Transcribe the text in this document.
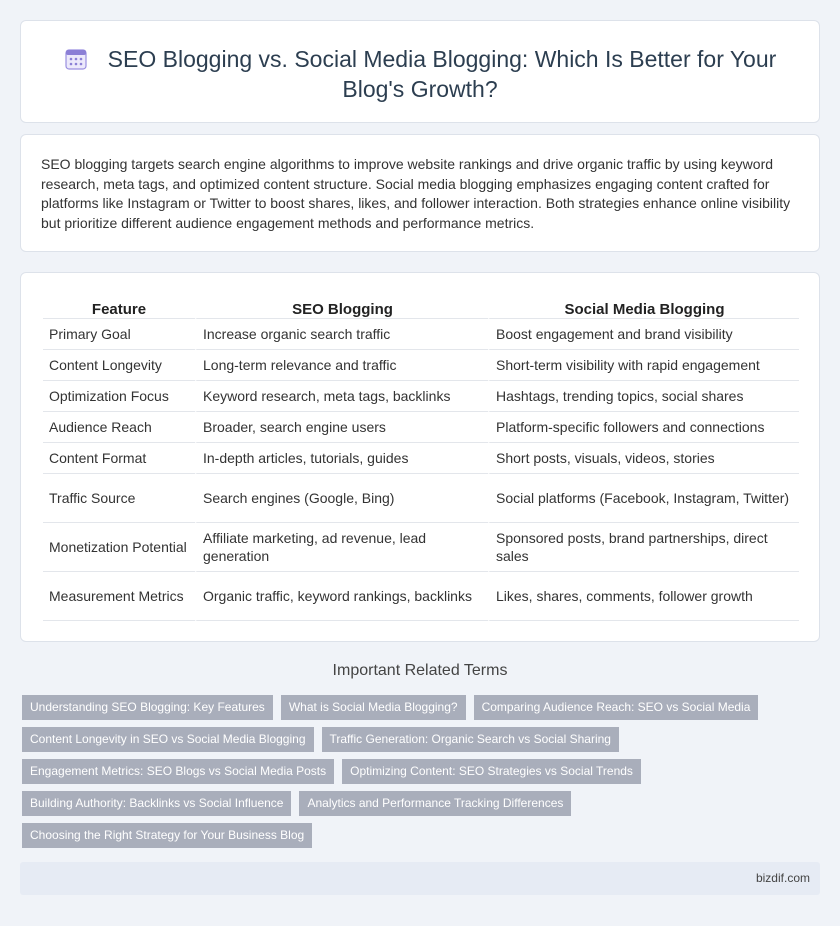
SEO Blogging vs. Social Media Blogging: Which Is Better for Your Blog's Growth?

SEO blogging targets search engine algorithms to improve website rankings and drive organic traffic by using keyword research, meta tags, and optimized content structure. Social media blogging emphasizes engaging content crafted for platforms like Instagram or Twitter to boost shares, likes, and follower interaction. Both strategies enhance online visibility but prioritize different audience engagement methods and performance metrics.

Feature	SEO Blogging	Social Media Blogging
Primary Goal	Increase organic search traffic	Boost engagement and brand visibility
Content Longevity	Long-term relevance and traffic	Short-term visibility with rapid engagement
Optimization Focus	Keyword research, meta tags, backlinks	Hashtags, trending topics, social shares
Audience Reach	Broader, search engine users	Platform-specific followers and connections
Content Format	In-depth articles, tutorials, guides	Short posts, visuals, videos, stories
Traffic Source	Search engines (Google, Bing)	Social platforms (Facebook, Instagram, Twitter)
Monetization Potential	Affiliate marketing, ad revenue, lead generation	Sponsored posts, brand partnerships, direct sales
Measurement Metrics	Organic traffic, keyword rankings, backlinks	Likes, shares, comments, follower growth
Important Related Terms
Understanding SEO Blogging: Key Features	What is Social Media Blogging?	Comparing Audience Reach: SEO vs Social Media
Content Longevity in SEO vs Social Media Blogging	Traffic Generation: Organic Search vs Social Sharing
Engagement Metrics: SEO Blogs vs Social Media Posts	Optimizing Content: SEO Strategies vs Social Trends
Building Authority: Backlinks vs Social Influence	Analytics and Performance Tracking Differences
Choosing the Right Strategy for Your Business Blog
bizdif.com
